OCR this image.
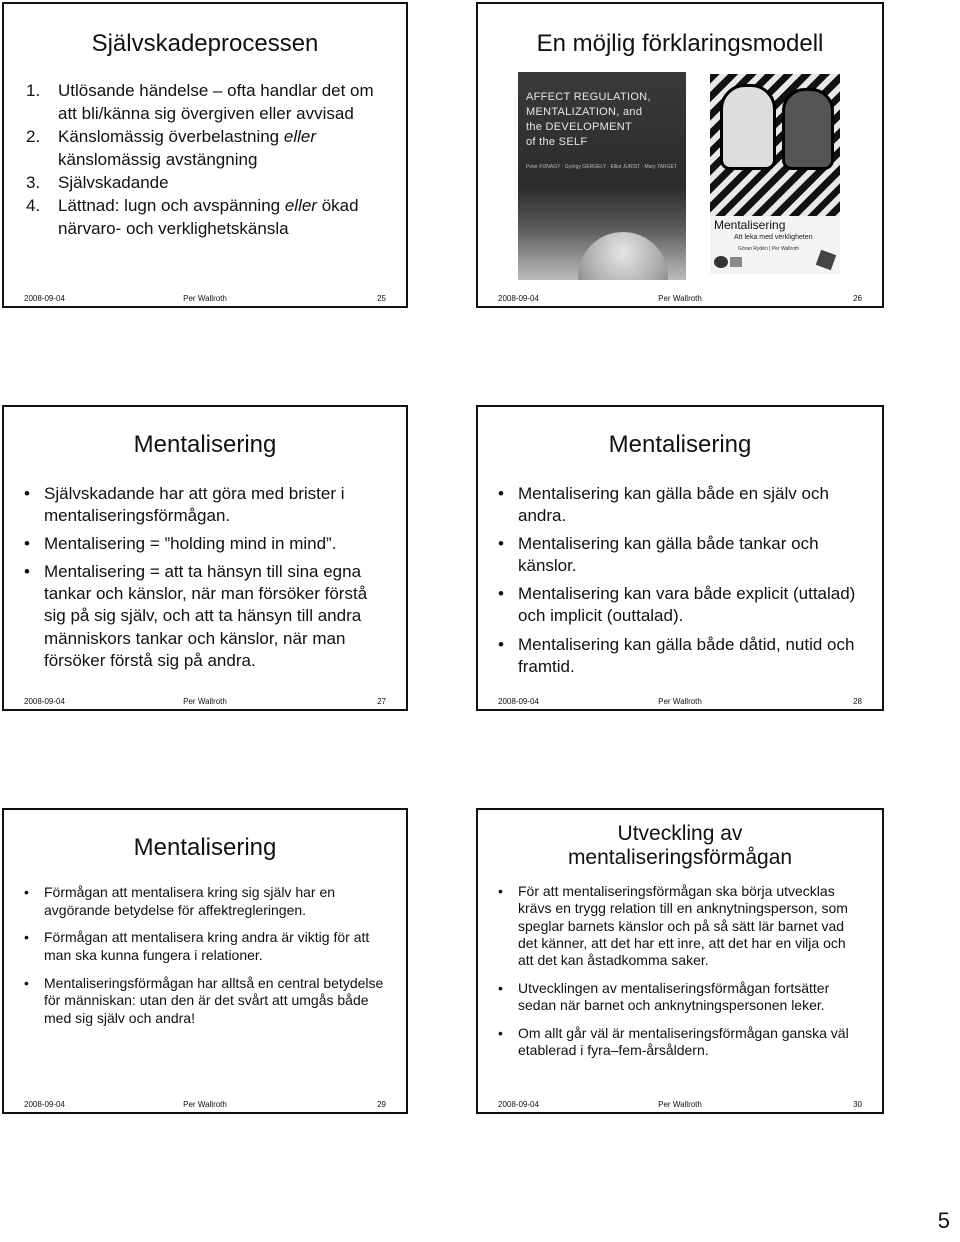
Självskadeprocessen
1. Utlösande händelse – ofta handlar det om att bli/känna sig övergiven eller avvisad
2. Känslomässig överbelastning eller känslomässig avstängning
3. Självskadande
4. Lättnad: lugn och avspänning eller ökad närvaro- och verklighetskänsla
2008-09-04	Per Wallroth	25
En möjlig förklaringsmodell
AFFECT REGULATION,
MENTALIZATION, and
the DEVELOPMENT
of the SELF
Peter FONAGY · György GERGELY · Elliot JURIST · Mary TARGET
Mentalisering
Att leka med verkligheten
Göran Rydén | Per Wallroth
2008-09-04	Per Wallroth	26
Mentalisering
• Självskadande har att göra med brister i mentaliseringsförmågan.
• Mentalisering = ”holding mind in mind”.
• Mentalisering = att ta hänsyn till sina egna tankar och känslor, när man försöker förstå sig på sig själv, och att ta hänsyn till andra människors tankar och känslor, när man försöker förstå sig på andra.
2008-09-04	Per Wallroth	27
Mentalisering
• Mentalisering kan gälla både en själv och andra.
• Mentalisering kan gälla både tankar och känslor.
• Mentalisering kan vara både explicit (uttalad) och implicit (outtalad).
• Mentalisering kan gälla både dåtid, nutid och framtid.
2008-09-04	Per Wallroth	28
Mentalisering
• Förmågan att mentalisera kring sig själv har en avgörande betydelse för affektregleringen.
• Förmågan att mentalisera kring andra är viktig för att man ska kunna fungera i relationer.
• Mentaliseringsförmågan har alltså en central betydelse för människan: utan den är det svårt att umgås både med sig själv och andra!
2008-09-04	Per Wallroth	29
Utveckling av
mentaliseringsförmågan
• För att mentaliseringsförmågan ska börja utvecklas krävs en trygg relation till en anknytningsperson, som speglar barnets känslor och på så sätt lär barnet vad det känner, att det har ett inre, att det har en vilja och att det kan åstadkomma saker.
• Utvecklingen av mentaliseringsförmågan fortsätter sedan när barnet och anknytningspersonen leker.
• Om allt går väl är mentaliseringsförmågan ganska väl etablerad i fyra–fem-årsåldern.
2008-09-04	Per Wallroth	30
5
